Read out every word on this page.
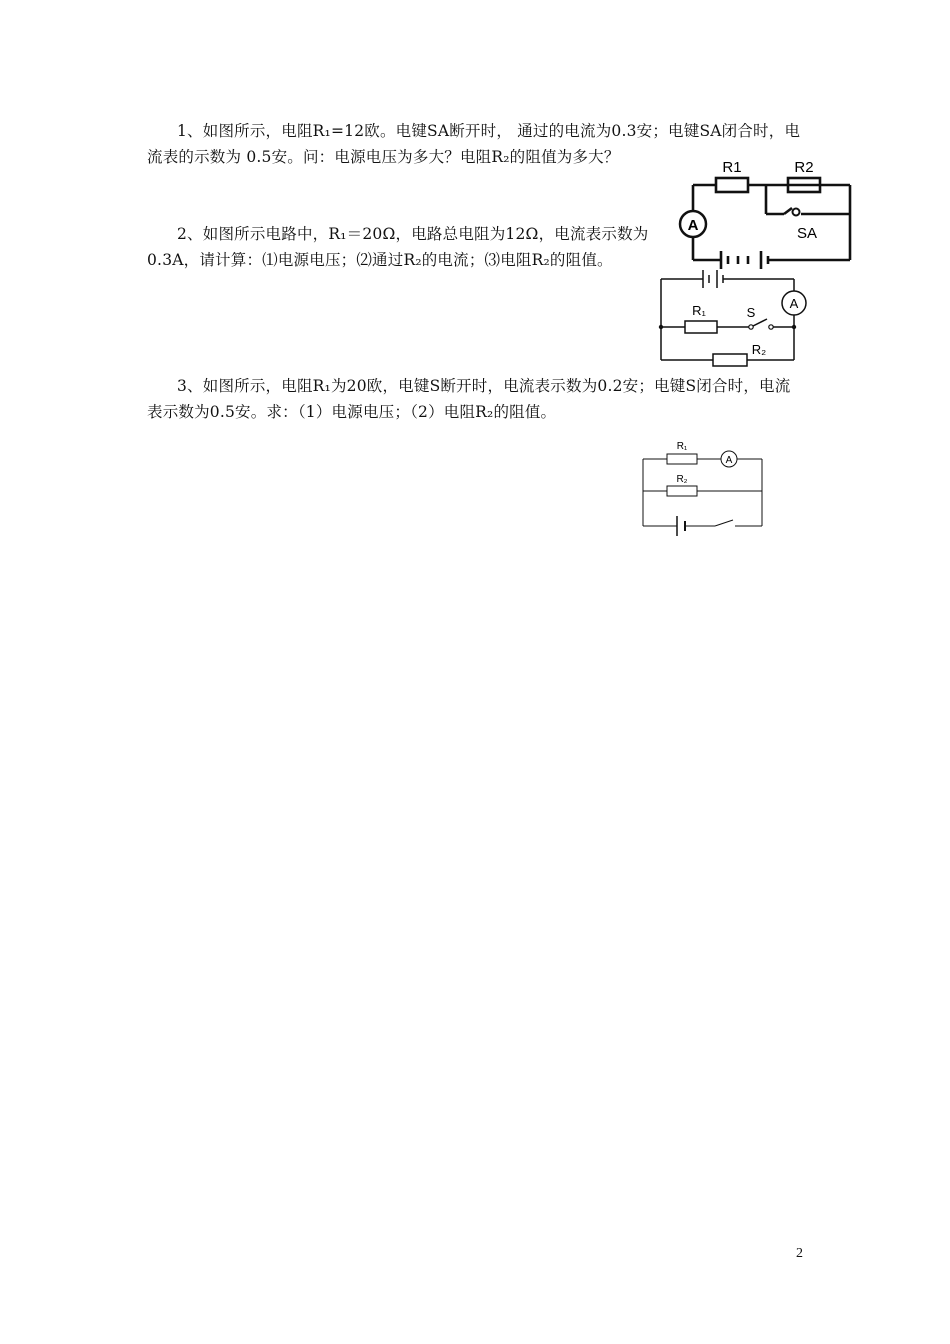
1、如图所示，电阻R₁=12欧。电键SA断开时， 通过的电流为0.3安；电键SA闭合时，电
流表的示数为 0.5安。问：电源电压为多大？电阻R₂的阻值为多大？
A
R1	R2
SA
2、如图所示电路中，R₁＝20Ω，电路总电阻为12Ω，电流表示数为
0.3A，请计算：⑴电源电压；⑵通过R₂的电流；⑶电阻R₂的阻值。
A
R₁	S
R₂
3、如图所示，电阻R₁为20欧，电键S断开时，电流表示数为0.2安；电键S闭合时，电流
表示数为0.5安。求：（1）电源电压；（2）电阻R₂的阻值。
A
R₁
R₂
2
